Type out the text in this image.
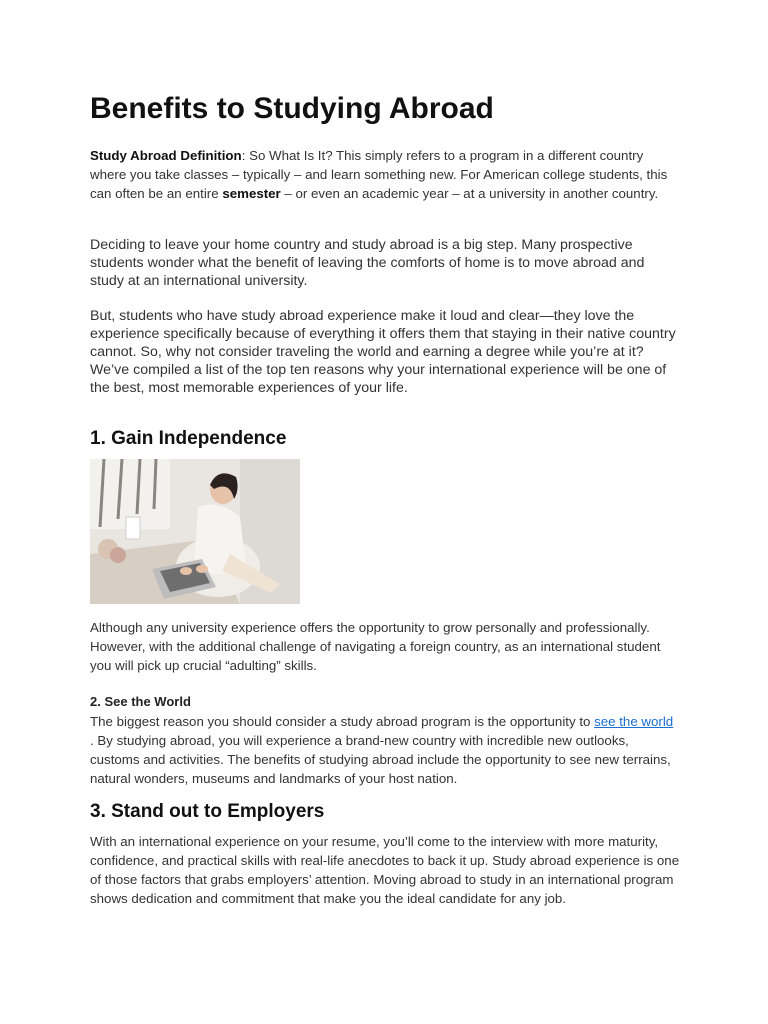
Benefits to Studying Abroad

Study Abroad Definition: So What Is It? This simply refers to a program in a different country where you take classes – typically – and learn something new. For American college students, this can often be an entire semester – or even an academic year – at a university in another country.

Deciding to leave your home country and study abroad is a big step. Many prospective students wonder what the benefit of leaving the comforts of home is to move abroad and study at an international university.

But, students who have study abroad experience make it loud and clear—they love the experience specifically because of everything it offers them that staying in their native country cannot. So, why not consider traveling the world and earning a degree while you’re at it? We’ve compiled a list of the top ten reasons why your international experience will be one of the best, most memorable experiences of your life.

1. Gain Independence

Although any university experience offers the opportunity to grow personally and professionally. However, with the additional challenge of navigating a foreign country, as an international student you will pick up crucial “adulting” skills.

2. See the World

The biggest reason you should consider a study abroad program is the opportunity to see the world . By studying abroad, you will experience a brand-new country with incredible new outlooks, customs and activities. The benefits of studying abroad include the opportunity to see new terrains, natural wonders, museums and landmarks of your host nation.

3. Stand out to Employers

With an international experience on your resume, you’ll come to the interview with more maturity, confidence, and practical skills with real-life anecdotes to back it up. Study abroad experience is one of those factors that grabs employers’ attention. Moving abroad to study in an international program shows dedication and commitment that make you the ideal candidate for any job.
